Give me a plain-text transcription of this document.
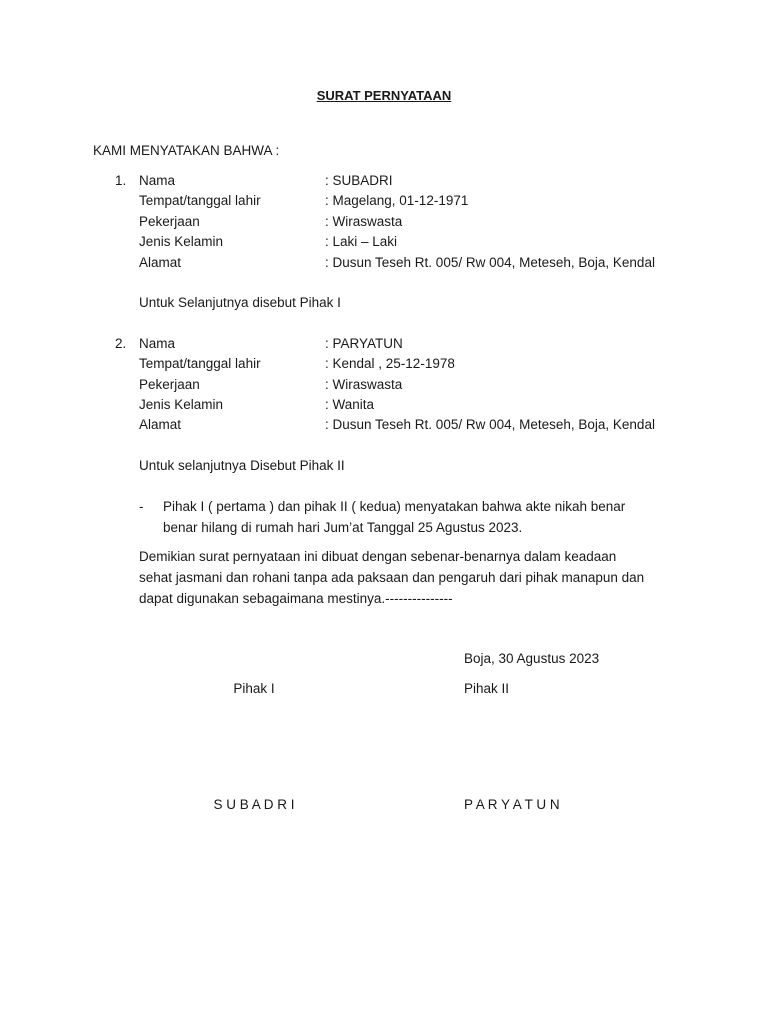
SURAT PERNYATAAN
KAMI MENYATAKAN BAHWA :
1. Nama	: SUBADRI
Tempat/tanggal lahir	: Magelang, 01-12-1971
Pekerjaan	: Wiraswasta
Jenis Kelamin	: Laki – Laki
Alamat	: Dusun Teseh Rt. 005/ Rw 004, Meteseh, Boja, Kendal
Untuk Selanjutnya disebut Pihak I
2. Nama	: PARYATUN
Tempat/tanggal lahir	: Kendal , 25-12-1978
Pekerjaan	: Wiraswasta
Jenis Kelamin	: Wanita
Alamat	: Dusun Teseh Rt. 005/ Rw 004, Meteseh, Boja, Kendal
Untuk selanjutnya Disebut Pihak II
- Pihak I ( pertama ) dan pihak II ( kedua) menyatakan bahwa akte nikah benar
benar hilang di rumah hari Jum’at Tanggal 25 Agustus 2023.
Demikian surat pernyataan ini dibuat dengan sebenar-benarnya dalam keadaan
sehat jasmani dan rohani tanpa ada paksaan dan pengaruh dari pihak manapun dan
dapat digunakan sebagaimana mestinya.---------------
Boja, 30 Agustus 2023
Pihak I	Pihak II
S U B A D R I	P A R Y A T U N
